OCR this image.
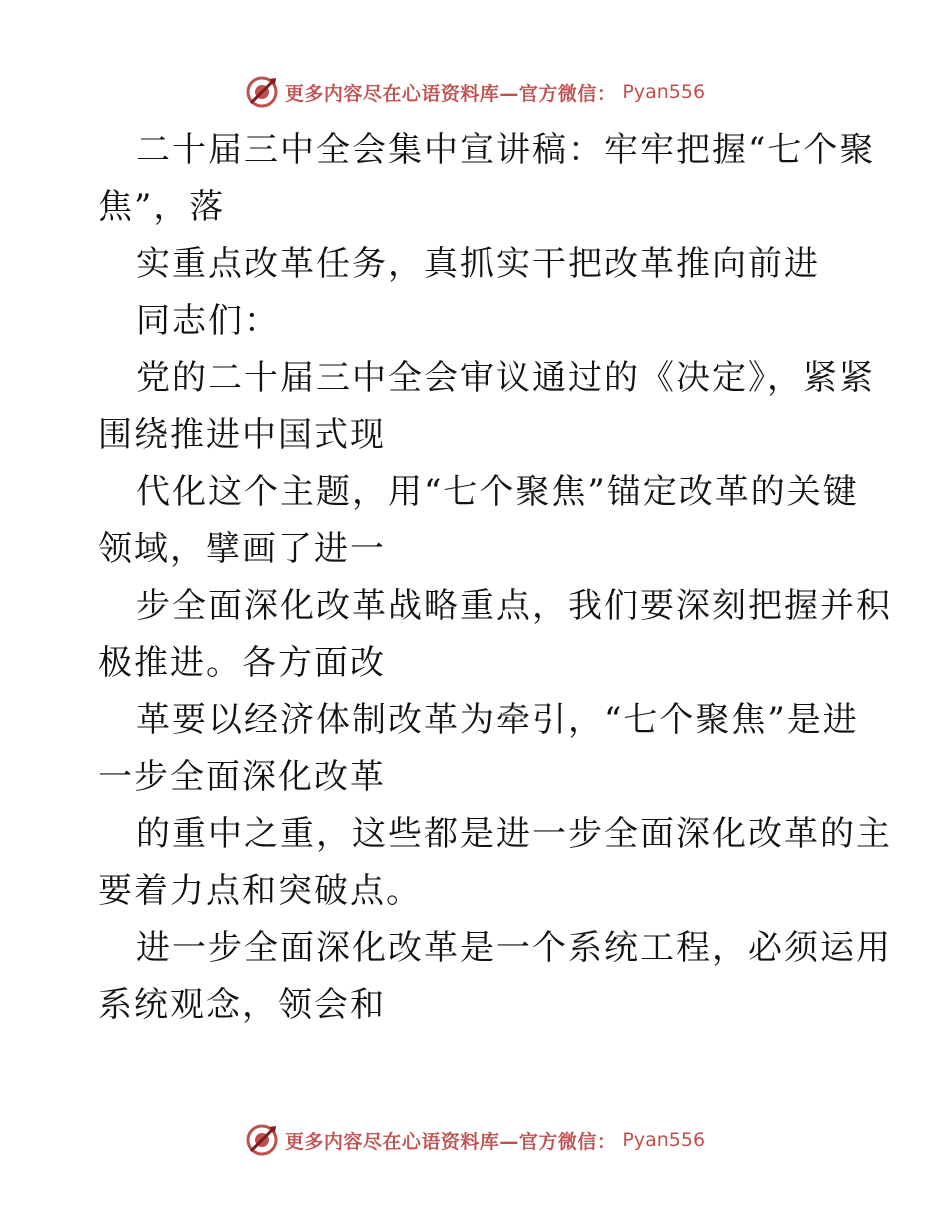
更多内容尽在心语资料库—官方微信： Pyan556
二十届三中全会集中宣讲稿：牢牢把握“七个聚
焦”，落
实重点改革任务，真抓实干把改革推向前进
同志们：
党的二十届三中全会审议通过的《决定》，紧紧
围绕推进中国式现
代化这个主题，用“七个聚焦”锚定改革的关键
领域，擘画了进一
步全面深化改革战略重点，我们要深刻把握并积
极推进。各方面改
革要以经济体制改革为牵引，“七个聚焦”是进
一步全面深化改革
的重中之重，这些都是进一步全面深化改革的主
要着力点和突破点。
进一步全面深化改革是一个系统工程，必须运用
系统观念，领会和
更多内容尽在心语资料库—官方微信： Pyan556
